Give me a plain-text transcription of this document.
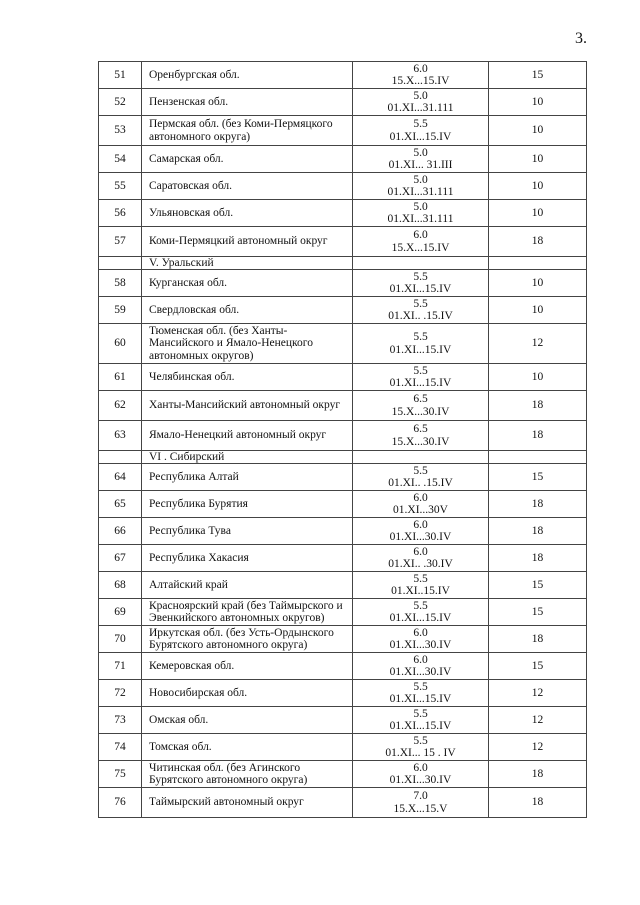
3.
51	Оренбургская обл.	6.0
15.X...15.IV	15
52	Пензенская обл.	5.0
01.XI...31.111	10
53	Пермская обл. (без Коми-Пермяцкого автономного округа)	5.5
01.XI...15.IV	10
54	Самарская обл.	5.0
01.XI... 31.III	10
55	Саратовская обл.	5.0
01.XI...31.111	10
56	Ульяновская обл.	5.0
01.XI...31.111	10
57	Коми-Пермяцкий автономный округ	6.0
15.X...15.IV	18
	V. Уральский		
58	Курганская обл.	5.5
01.XI...15.IV	10
59	Свердловская обл.	5.5
01.XI.. .15.IV	10
60	Тюменская обл. (без Ханты-Мансийского и Ямало-Ненецкого автономных округов)	5.5
01.XI...15.IV	12
61	Челябинская обл.	5.5
01.XI...15.IV	10
62	Ханты-Мансийский автономный округ	6.5
15.X...30.IV	18
63	Ямало-Ненецкий автономный округ	6.5
15.X...30.IV	18
	VI . Сибирский		
64	Республика Алтай	5.5
01.XI.. .15.IV	15
65	Республика Бурятия	6.0
01.XI...30V	18
66	Республика Тува	6.0
01.XI...30.IV	18
67	Республика Хакасия	6.0
01.XI.. .30.IV	18
68	Алтайский край	5.5
01.XI..15.IV	15
69	Красноярский край (без Таймырского и Эвенкийского автономных округов)	5.5
01.XI...15.IV	15
70	Иркутская обл. (без Усть-Ордынского Бурятского автономного округа)	6.0
01.XI...30.IV	18
71	Кемеровская обл.	6.0
01.XI...30.IV	15
72	Новосибирская обл.	5.5
01.XI...15.IV	12
73	Омская обл.	5.5
01.XI...15.IV	12
74	Томская обл.	5.5
01.XI... 15 . IV	12
75	Читинская обл. (без Агинского Бурятского автономного округа)	6.0
01.XI...30.IV	18
76	Таймырский автономный округ	7.0
15.X...15.V	18
